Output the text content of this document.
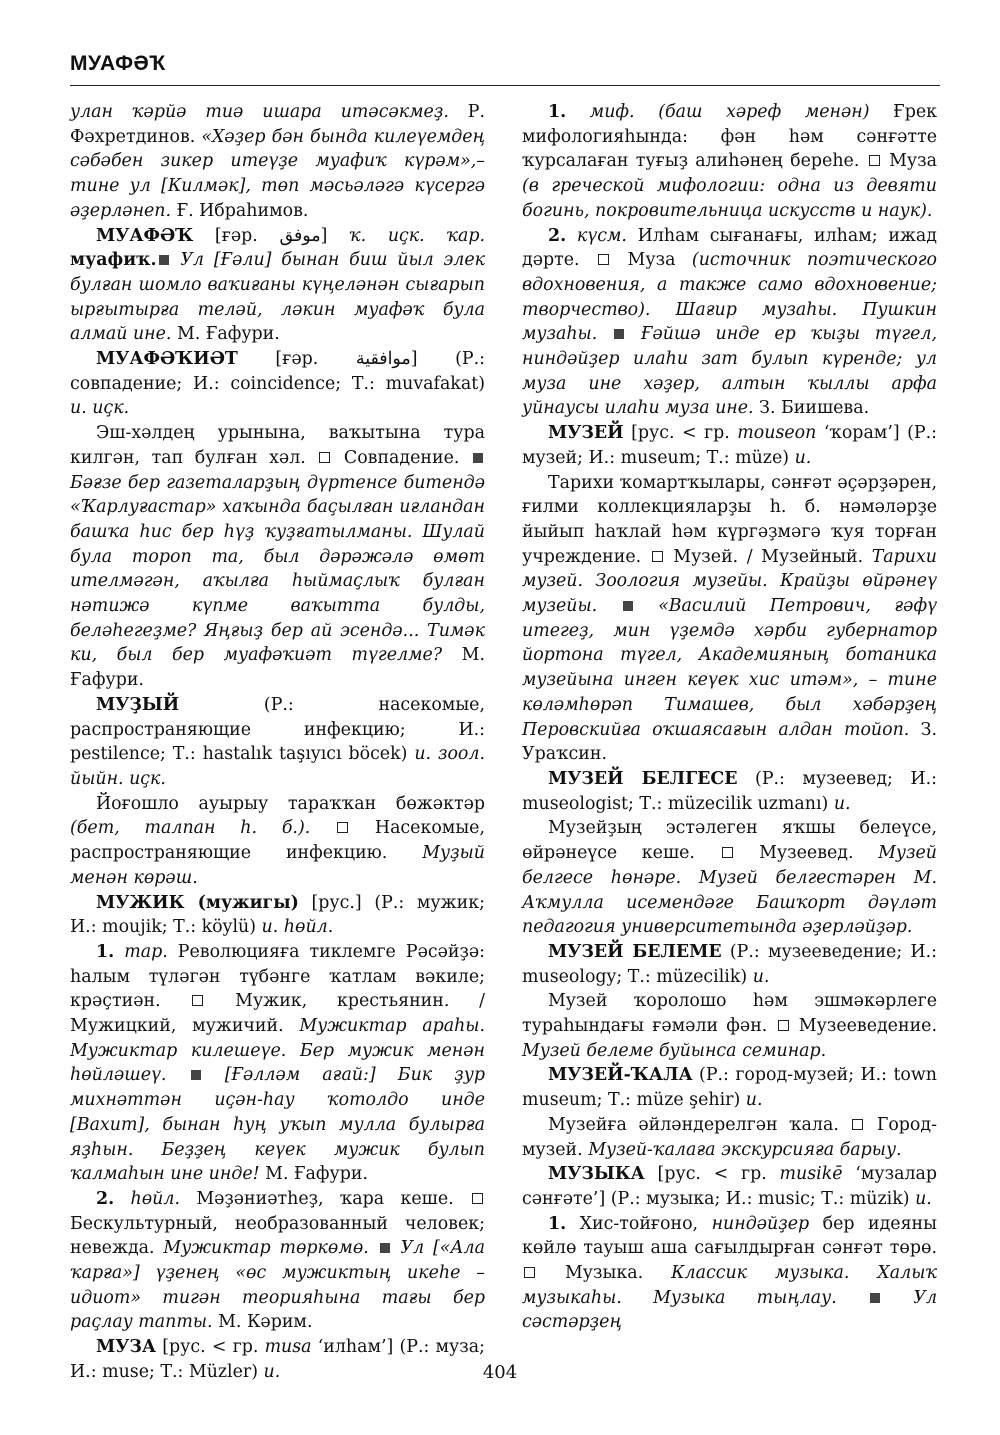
МУАФӘҠ

улан ҡәрйә тиә ишара итәсәкмеҙ. Р. Фәхретдинов. «Хәҙер бән бында килеүемдең сәбәбен зикер итеүҙе муафиҡ күрәм»,– тине ул [Килмәк], төп мәсьәләгә күсергә әҙерләнеп. Ғ. Ибраһимов.

МУАФӘҠ [ғәр. موفق] ҡ. иҫк. ҡар. муафиҡ. Ул [Ғәли] бынан биш йыл элек булған шомло ваҡиғаны күңеләнән сығарып ырғытырға теләй, ләкин муафәҡ була алмай ине. М. Ғафури.

МУАФӘҠИӘТ [ғәр. موافقية] (Р.: совпадение; И.: coincidence; Т.: muvafakat) и. иҫк.

Эш-хәлдең урынына, ваҡытына тура килгән, тап булған хәл.  Совпадение.  Бәғзе бер газеталарҙың дүртенсе битендә «Ҡарлуғастар» хаҡында баҫылған иғландан башҡа һис бер һүҙ ҡуҙғатылманы. Шулай була тороп та, был дәрәжәлә өмөт ителмәгән, аҡылға һыймаҫлыҡ булған нәтижә күпме ваҡытта булды, беләһегеҙме? Яңғыҙ бер ай эсендә... Тимәк ки, был бер муафәҡиәт түгелме? М. Ғафури.

МУҘЫЙ (Р.: насекомые, распространяющие инфекцию; И.: pestilence; Т.: hastalık taşıyıcı böcek) и. зоол. йыйн. иҫк.

Йоғошло ауырыу тараҡҡан бөжәктәр (бет, талпан һ. б.).  Насекомые, распространяющие инфекцию. Муҙый менән көрәш.

МУЖИК (мужигы) [рус.] (Р.: мужик; И.: moujik; Т.: köylü) и. һөйл.

1. тар. Революцияға тиклемге Рәсәйҙә: һалым түләгән түбәнге ҡатлам вәкиле; крәҫтиән.  Мужик, крестьянин. / Мужицкий, мужичий. Мужиктар араһы. Мужиктар килешеүе. Бер мужик менән һөйләшеү.	[Ғәлләм ағай:] Бик ҙур михнәттән иҫән-һау ҡотолдо инде [Вахит], бынан һуң уҡып мулла булырға яҙһын. Беҙҙең кеүек мужик булып ҡалмаһын ине инде! М. Ғафури.

2. һөйл. Мәҙәниәтһеҙ, ҡара кеше.  Бескультурный, необразованный человек; невежда. Мужиктар төркөмө. Ул [«Ала ҡарға»] үҙенең «өс мужиктың икеһе – идиот» тигән теорияһына тағы бер раҫлау тапты. М. Кәрим.

МУЗА [рус. < гр. musa ‘илһам’] (Р.: муза; И.: muse; Т.: Müzler) и.

1. миф. (баш хәреф менән) Ғрек мифологияһында: фән һәм сәнғәтте ҡурсалаған туғыҙ алиһәнең береһе.  Муза (в греческой мифологии: одна из девяти богинь, покровительница искусств и наук).

2. күсм. Илһам сығанағы, илһам; ижад дәрте.  Муза (источник поэтического вдохновения, а также само вдохновение; творчество). Шағир музаһы. Пушкин музаһы.	Ғәйшә инде ер ҡыҙы түгел, ниндәйҙер илаһи зат булып күренде; ул муза ине хәҙер, алтын ҡыллы арфа уйнаусы илаһи муза ине. З. Биишева.

МУЗЕЙ [рус. < гр. mouseon ‘ҡорам’] (Р.: музей; И.: museum; Т.: müze) и.

Тарихи ҡомартҡылары, сәнғәт әҫәрҙәрен, ғилми коллекцияларҙы һ. б. нәмәләрҙе йыйып һаҡлай һәм күргәҙмәгә ҡуя торған учреждение.  Музей. / Музейный. Тарихи музей. Зоология музейы. Крайҙы өйрәнеү музейы.	«Василий Петрович, ғәфү итегеҙ, мин үҙемдә хәрби губернатор йортона түгел, Академияның ботаника музейына инген кеүек хис итәм», – тине көләмһөрәп Тимашев, был хәбәрҙең Перовскийға оҡшаясағын алдан тойоп. З. Ураҡсин.

МУЗЕЙ БЕЛГЕСЕ (Р.: музеевед; И.: museologist; Т.: müzecilik uzmanı) и.

Музейҙың эстәлеген яҡшы белеүсе, өйрәнеүсе кеше.  Музеевед. Музей белгесе һөнәре. Музей белгестәрен М. Аҡмулла исемендәге Башҡорт дәүләт педагогия университетында әҙерләйҙәр.

МУЗЕЙ БЕЛЕМЕ (Р.: музееведение; И.: museology; Т.: müzecilik) и.

Музей ҡоролошо һәм эшмәкәрлеге тураһындағы ғәмәли фән.  Музееведение. Музей белеме буйынса семинар.

МУЗЕЙ-ҠАЛА (Р.: город-музей; И.: town museum; Т.: müze şehir) и.

Музейға әйләндерелгән ҡала.  Город-музей. Музей-ҡалаға экскурсияға барыу.

МУЗЫКА [рус. < гр. musikē ‘музалар сәнғәте’] (Р.: музыка; И.: music; Т.: müzik) и.

1. Хис-тойғоно, ниндәйҙер бер идеяны көйлө тауыш аша сағылдырған сәнғәт төрө.  Музыка. Классик музыка. Халыҡ музыкаһы. Музыка тыңлау.	Ул сәстәрҙең

404
